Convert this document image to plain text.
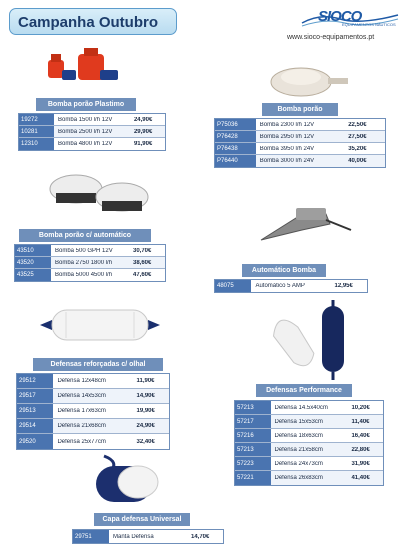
Campanha Outubro	SIOCO
EQUIPAMENTOS NÁUTICOS
www.sioco-equipamentos.pt
Bomba porão Plastimo
19272	Bomba 1500 l/h 12V	24,90€
10281	Bomba 2500 l/h 12V	29,90€
12310	Bomba 4800 l/h 12V	91,90€
Bomba porão
P75036	Bomba 2300 l/h 12V	22,50€
P76428	Bomba 2950 l/h 12V	27,50€
P76438	Bomba 3950 l/h 24V	35,20€
P76440	Bomba 3000 l/h 24V	40,00€
Bomba porão c/ automático
43510	Bomba 500 GPH 12V	30,70€
43520	Bomba 2750 1800 l/h	38,60€
43525	Bomba 5000 4500 l/h	47,60€
Automático Bomba
48075	Automático 5 AMP	12,95€
Defensas reforçadas c/ olhal
29512	Defensa 12x48cm	11,90€
29517	Defensa 14x53cm	14,90€
29513	Defensa 17x63cm	19,90€
29514	Defensa 21x68cm	24,90€
29520	Defensa 25x77cm	32,40€
Defensas Performance
57213	Defensa 14.5x40cm	10,20€
57217	Defensa 15x53cm	11,40€
57216	Defensa 18x63cm	16,40€
57213	Defensa 21x58cm	22,80€
57223	Defensa 24x73cm	31,90€
57221	Defensa 26x83cm	41,40€
Capa defensa Universal
29751	Manta Defensa	14,70€
